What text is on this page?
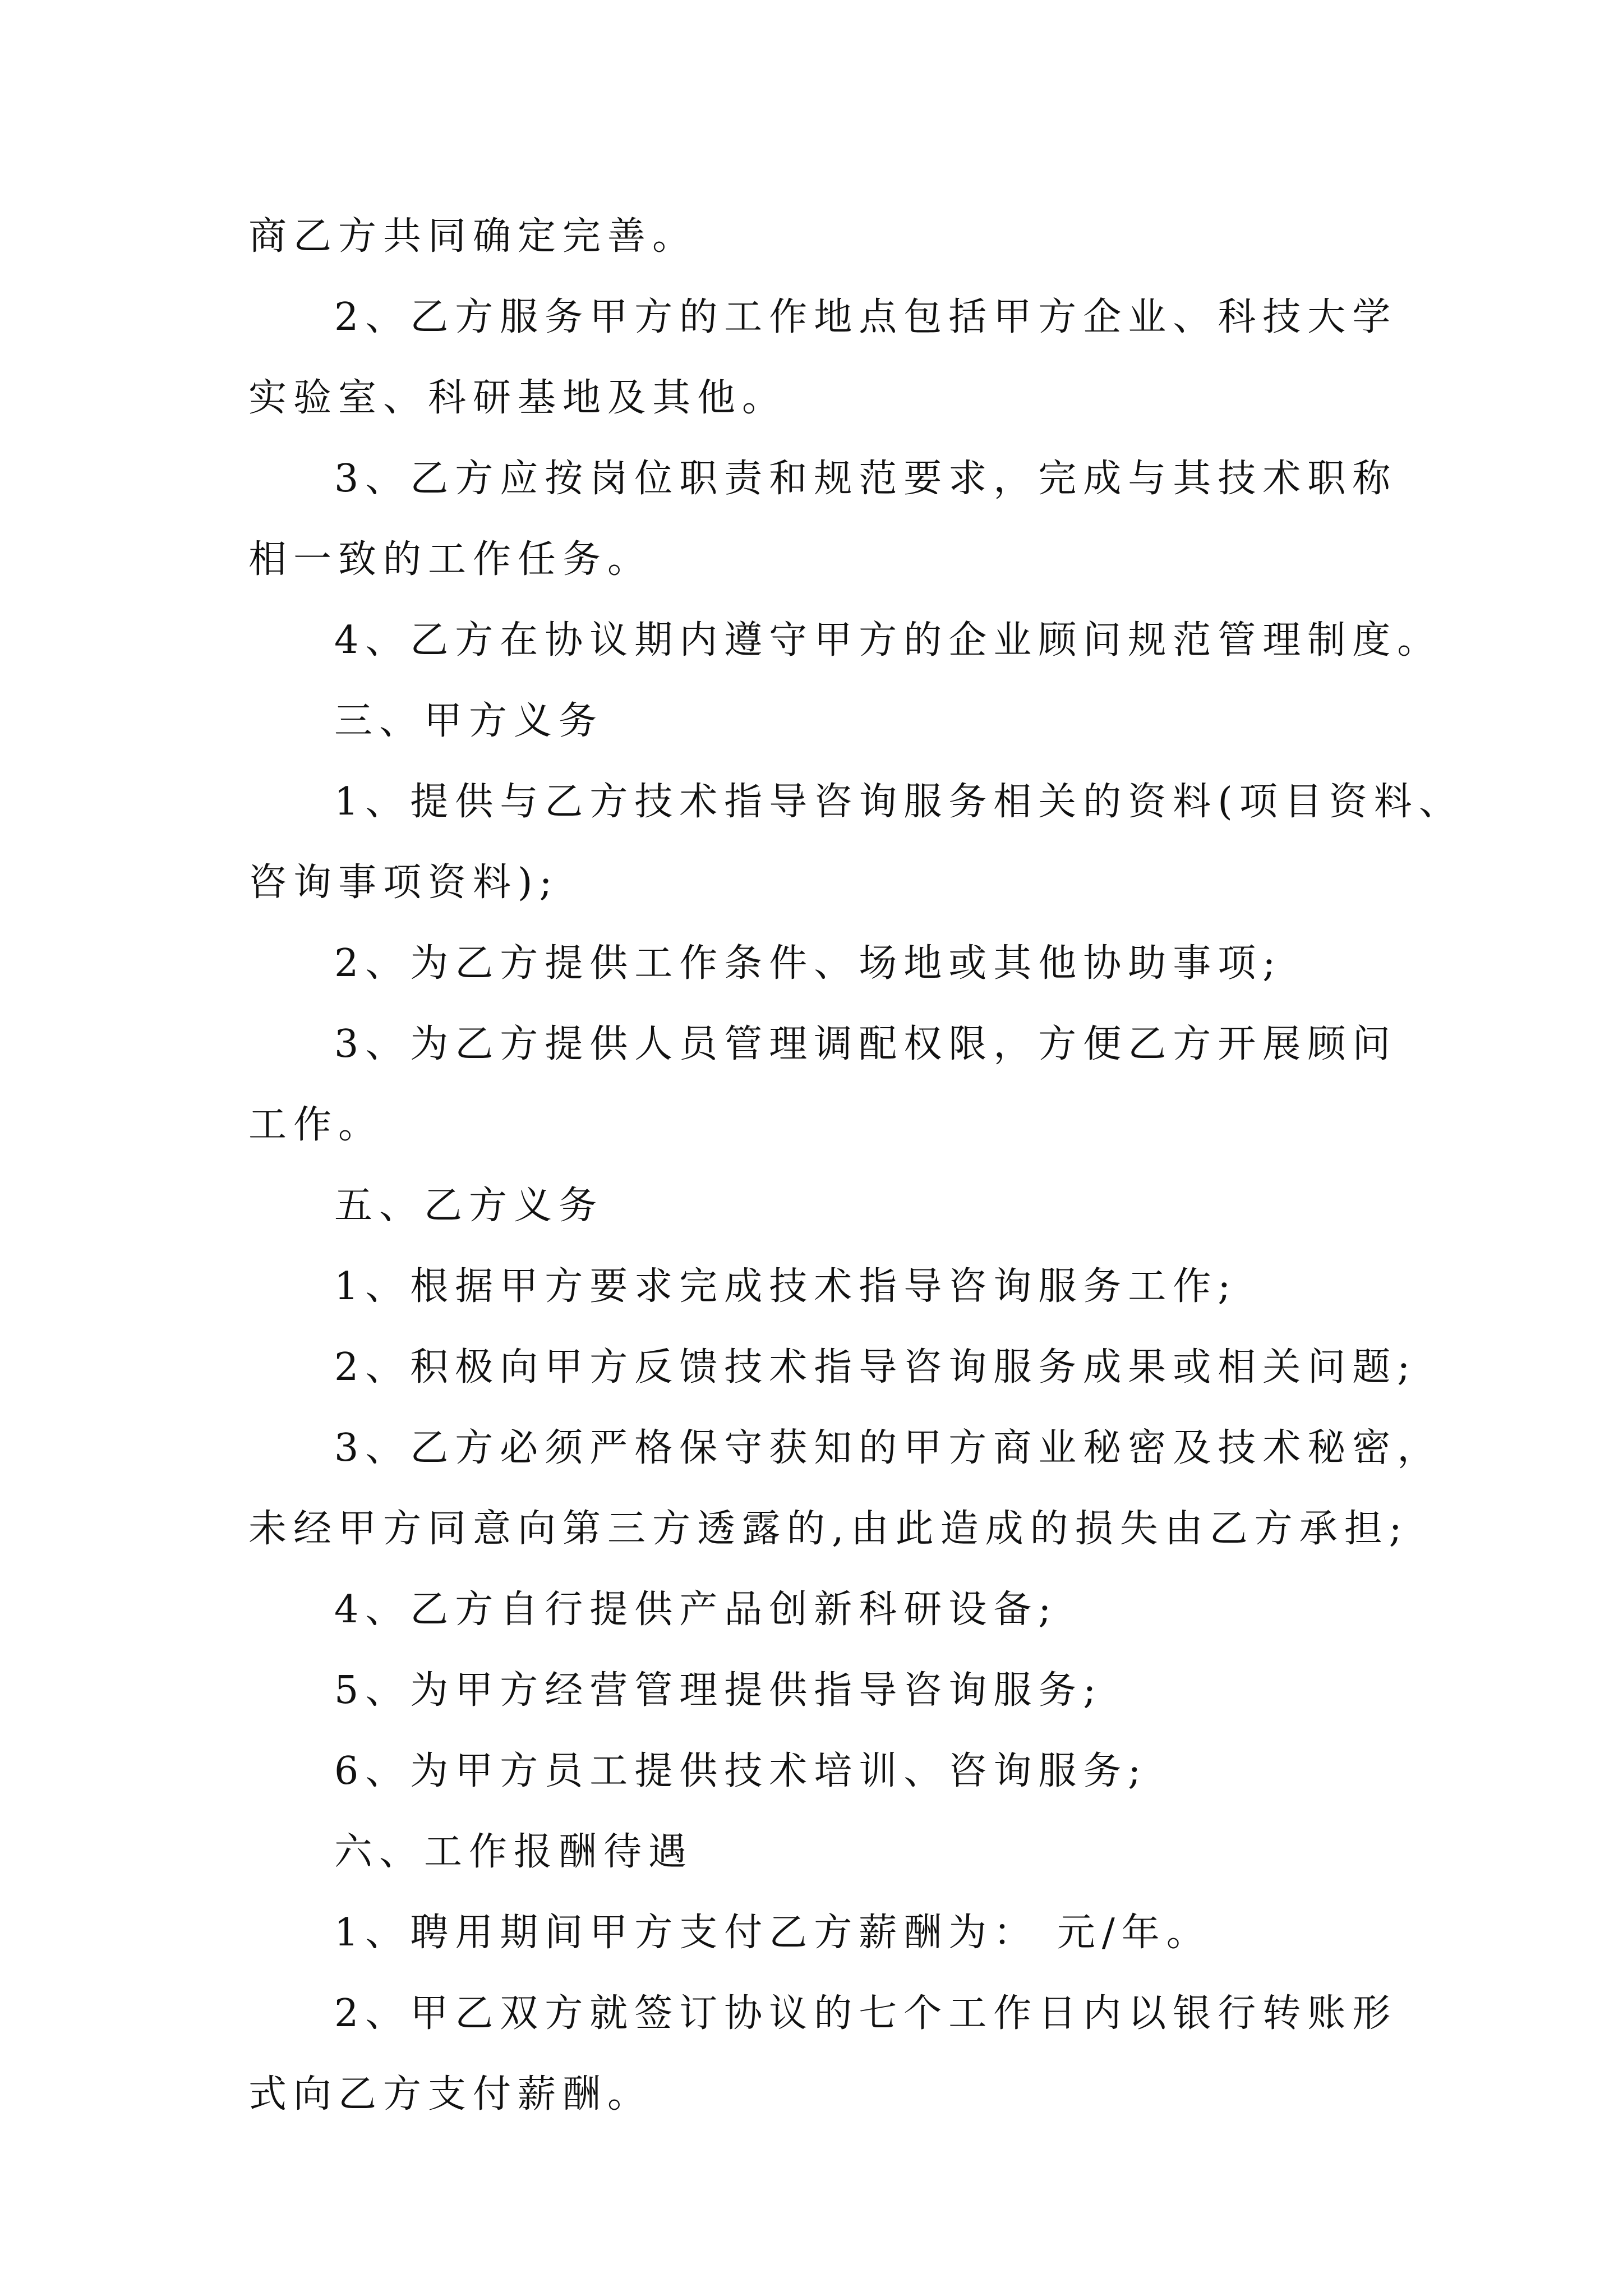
商乙方共同确定完善。
2、乙方服务甲方的工作地点包括甲方企业、科技大学
实验室、科研基地及其他。
3、乙方应按岗位职责和规范要求，完成与其技术职称
相一致的工作任务。
4、乙方在协议期内遵守甲方的企业顾问规范管理制度。
三、甲方义务
1、提供与乙方技术指导咨询服务相关的资料(项目资料、
咨询事项资料);
2、为乙方提供工作条件、场地或其他协助事项;
3、为乙方提供人员管理调配权限，方便乙方开展顾问
工作。
五、乙方义务
1、根据甲方要求完成技术指导咨询服务工作;
2、积极向甲方反馈技术指导咨询服务成果或相关问题;
3、乙方必须严格保守获知的甲方商业秘密及技术秘密，
未经甲方同意向第三方透露的,由此造成的损失由乙方承担;
4、乙方自行提供产品创新科研设备;
5、为甲方经营管理提供指导咨询服务;
6、为甲方员工提供技术培训、咨询服务;
六、工作报酬待遇
1、聘用期间甲方支付乙方薪酬为： 元/年。
2、甲乙双方就签订协议的七个工作日内以银行转账形
式向乙方支付薪酬。
